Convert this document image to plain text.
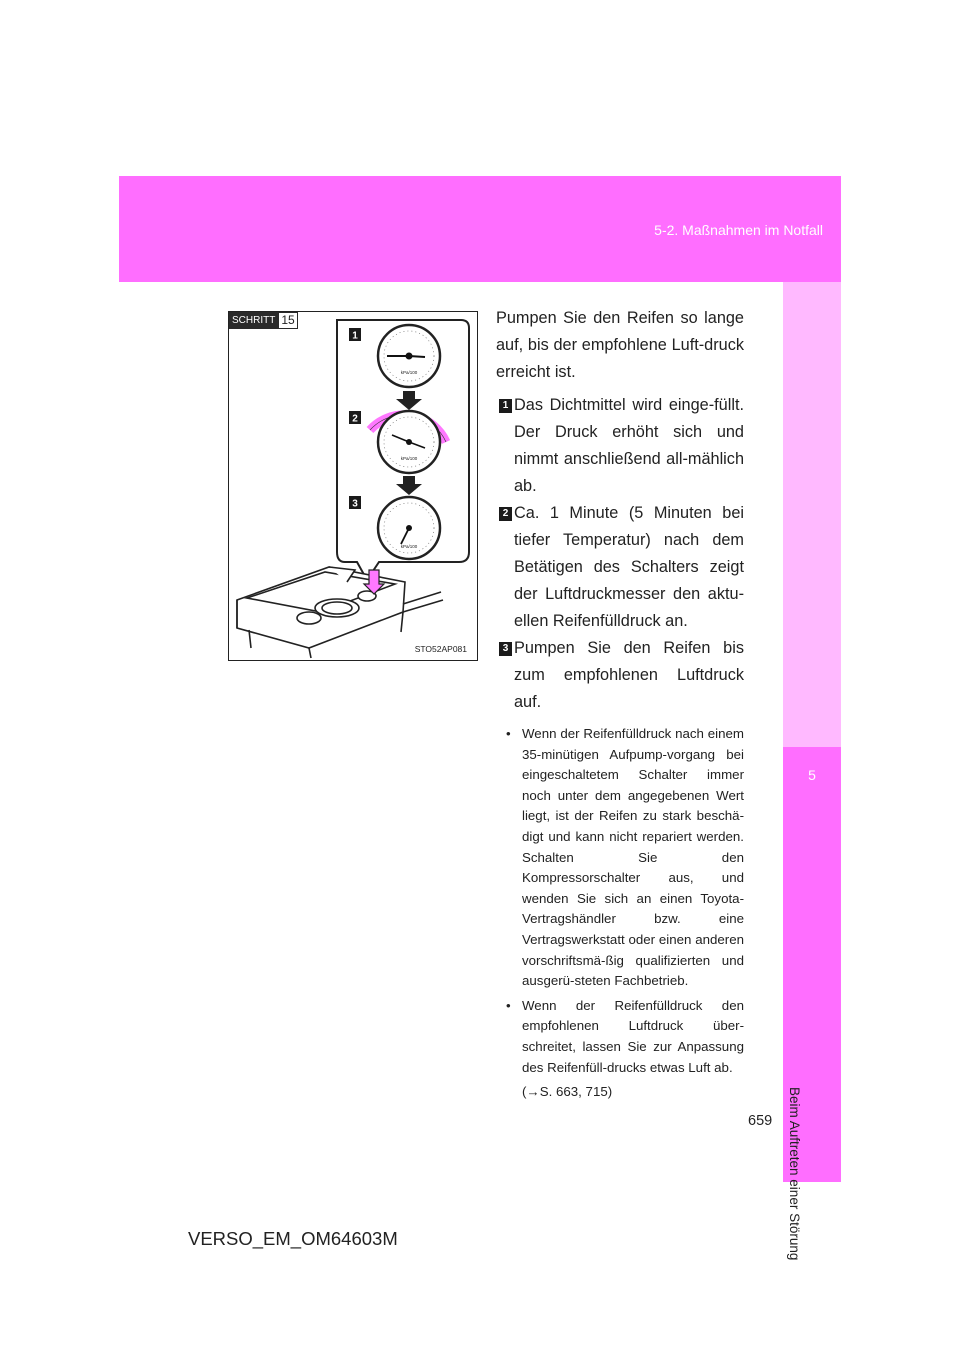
5-2. Maßnahmen im Notfall
5
Beim Auftreten einer Störung
SCHRITT 15
1
2
3
kPa/100
kPa/100
kPa/100
STO52AP081

Pumpen Sie den Reifen so lange auf, bis der empfohlene Luft-druck erreicht ist.

1 Das Dichtmittel wird einge-füllt. Der Druck erhöht sich und nimmt anschließend all-mählich ab.

2 Ca. 1 Minute (5 Minuten bei tiefer Temperatur) nach dem Betätigen des Schalters zeigt der Luftdruckmesser den aktu-ellen Reifenfülldruck an.

3 Pumpen Sie den Reifen bis zum empfohlenen Luftdruck auf.

• Wenn der Reifenfülldruck nach einem 35-minütigen Aufpump-vorgang bei eingeschaltetem Schalter immer noch unter dem angegebenen Wert liegt, ist der Reifen zu stark beschä-digt und kann nicht repariert werden. Schalten Sie den Kompressorschalter aus, und wenden Sie sich an einen Toyota-Vertragshändler bzw. eine Vertragswerkstatt oder einen anderen vorschriftsmä-ßig qualifizierten und ausgerü-steten Fachbetrieb.

• Wenn der Reifenfülldruck den empfohlenen Luftdruck über-schreitet, lassen Sie zur Anpassung des Reifenfüll-drucks etwas Luft ab.

(→S. 663, 715)

659
VERSO_EM_OM64603M
